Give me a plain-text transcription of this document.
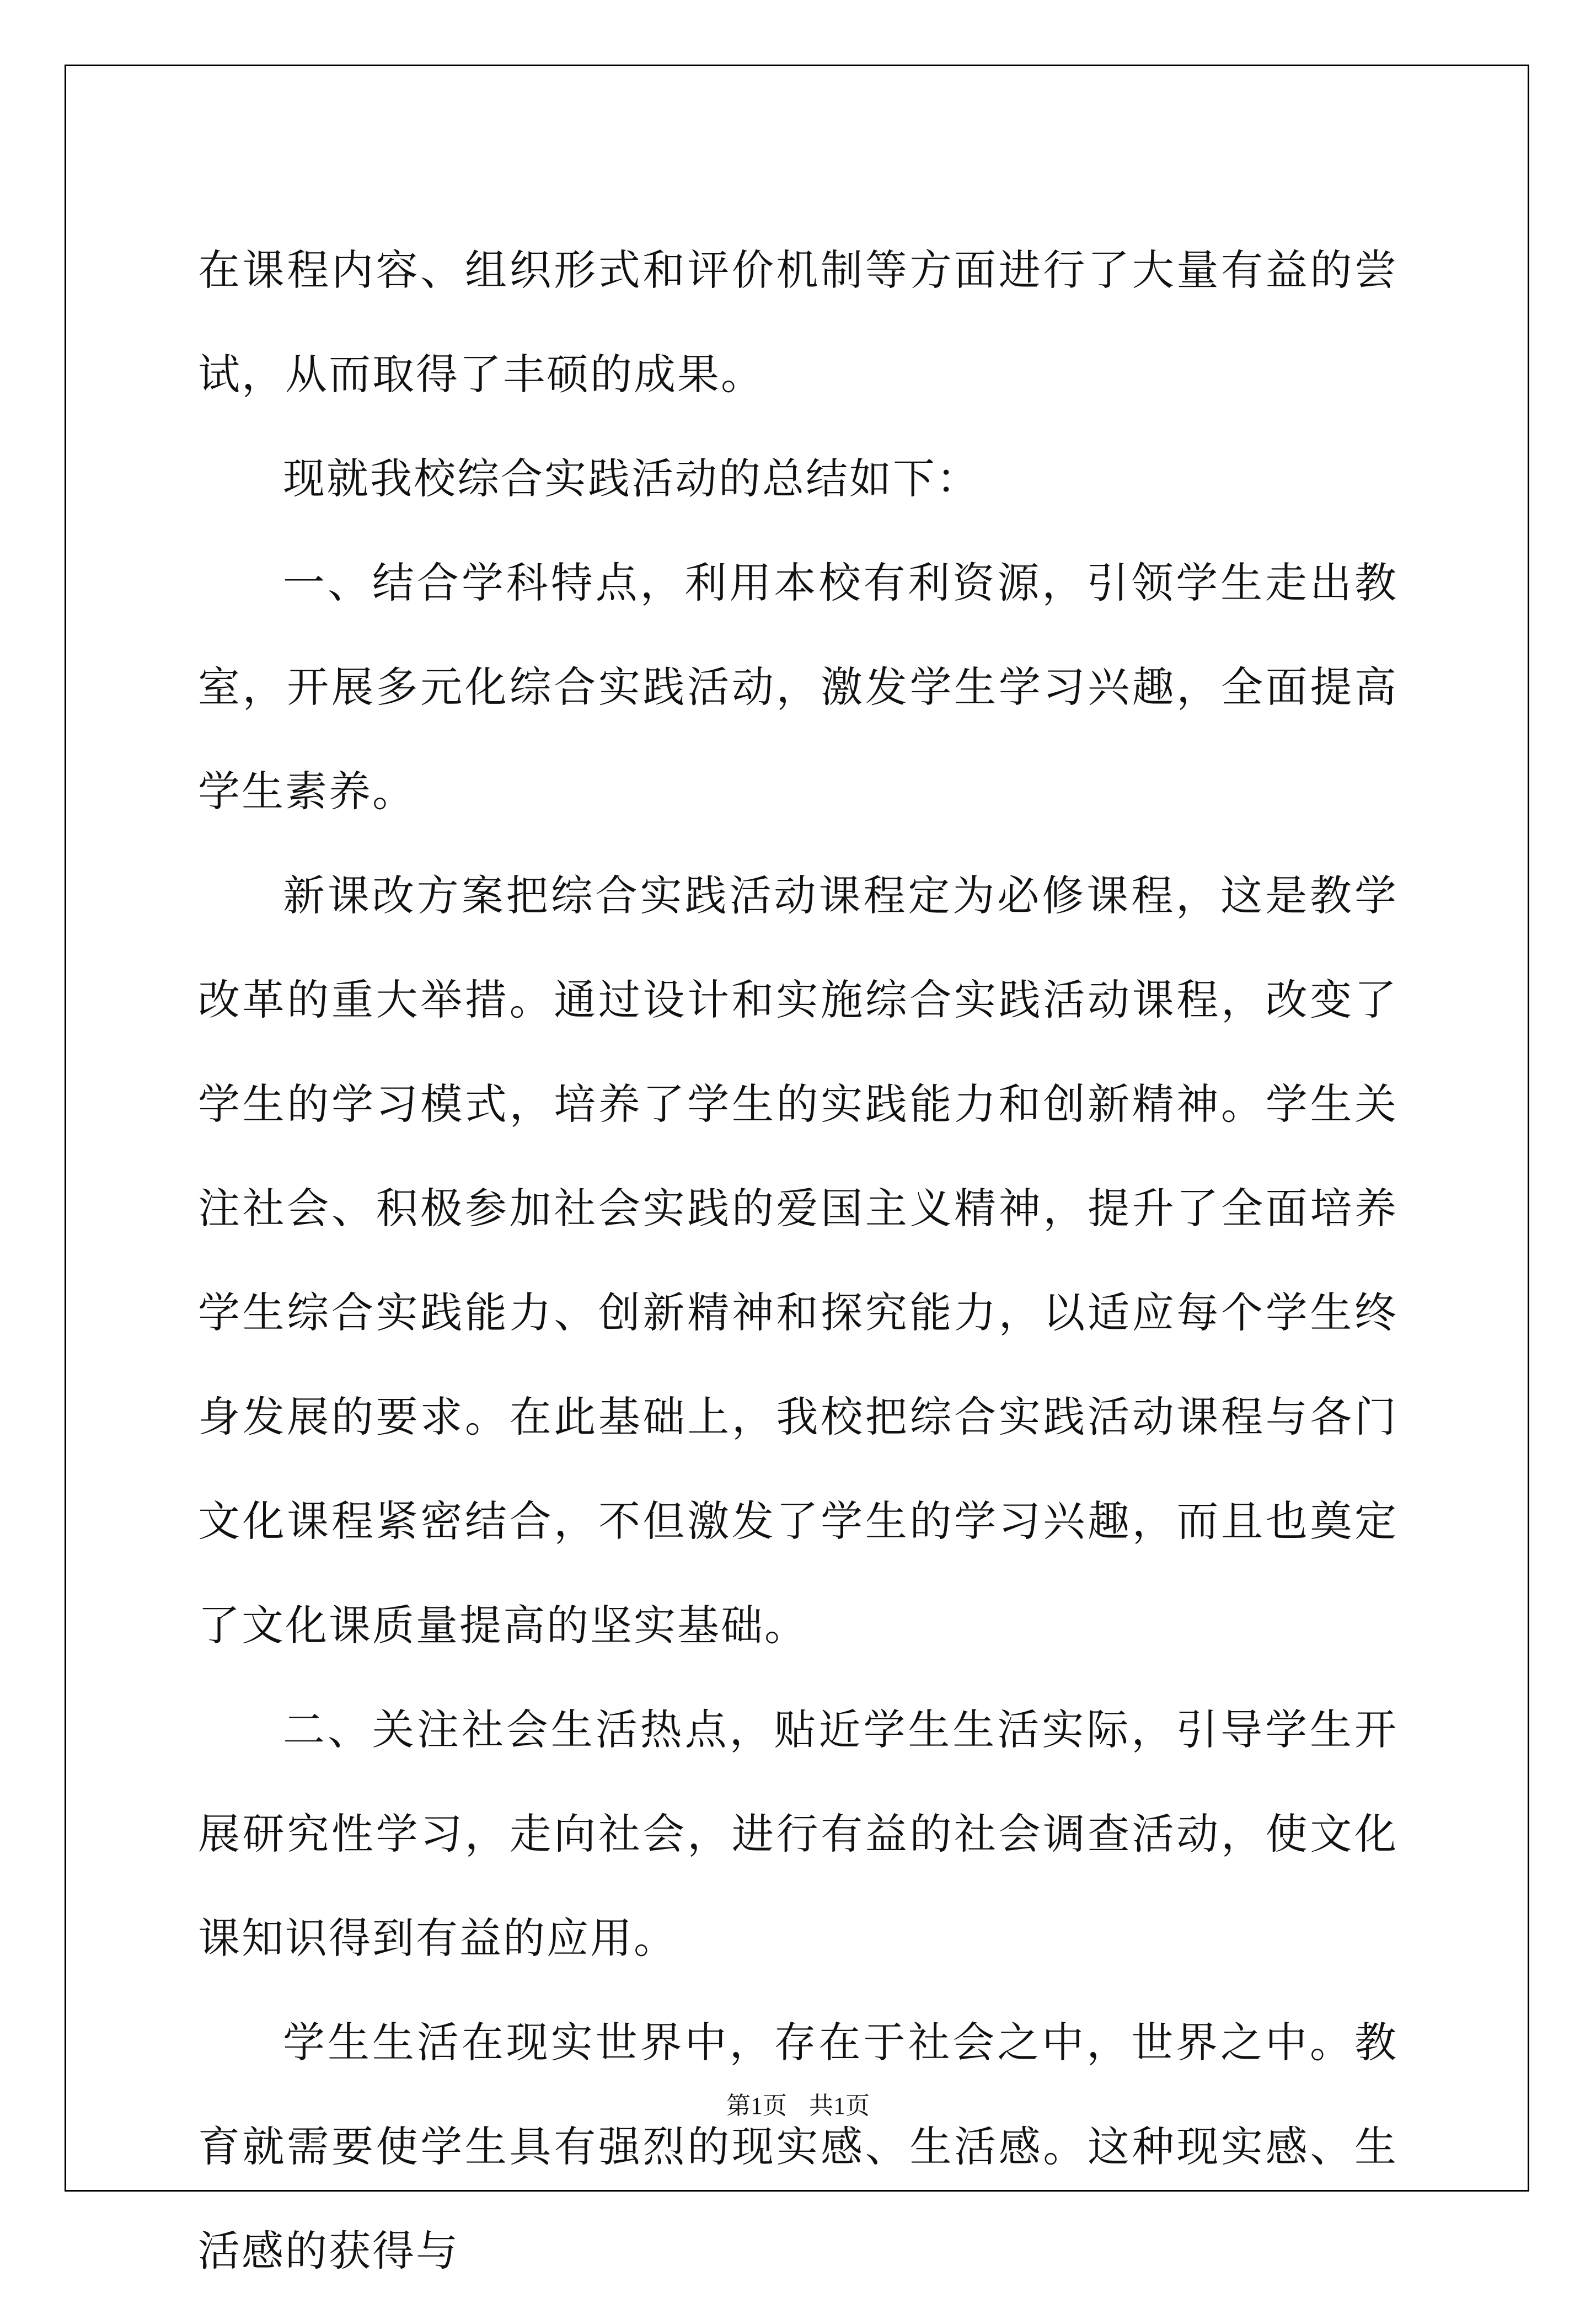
在课程内容、组织形式和评价机制等方面进行了大量有益的尝试，从而取得了丰硕的成果。

现就我校综合实践活动的总结如下：

一、结合学科特点，利用本校有利资源，引领学生走出教室，开展多元化综合实践活动，激发学生学习兴趣，全面提高学生素养。

新课改方案把综合实践活动课程定为必修课程，这是教学改革的重大举措。通过设计和实施综合实践活动课程，改变了学生的学习模式，培养了学生的实践能力和创新精神。学生关注社会、积极参加社会实践的爱国主义精神，提升了全面培养学生综合实践能力、创新精神和探究能力，以适应每个学生终身发展的要求。在此基础上，我校把综合实践活动课程与各门文化课程紧密结合，不但激发了学生的学习兴趣，而且也奠定了文化课质量提高的坚实基础。

二、关注社会生活热点，贴近学生生活实际，引导学生开展研究性学习，走向社会，进行有益的社会调查活动，使文化课知识得到有益的应用。

学生生活在现实世界中，存在于社会之中，世界之中。教育就需要使学生具有强烈的现实感、生活感。这种现实感、生活感的获得与

第1页 共1页
